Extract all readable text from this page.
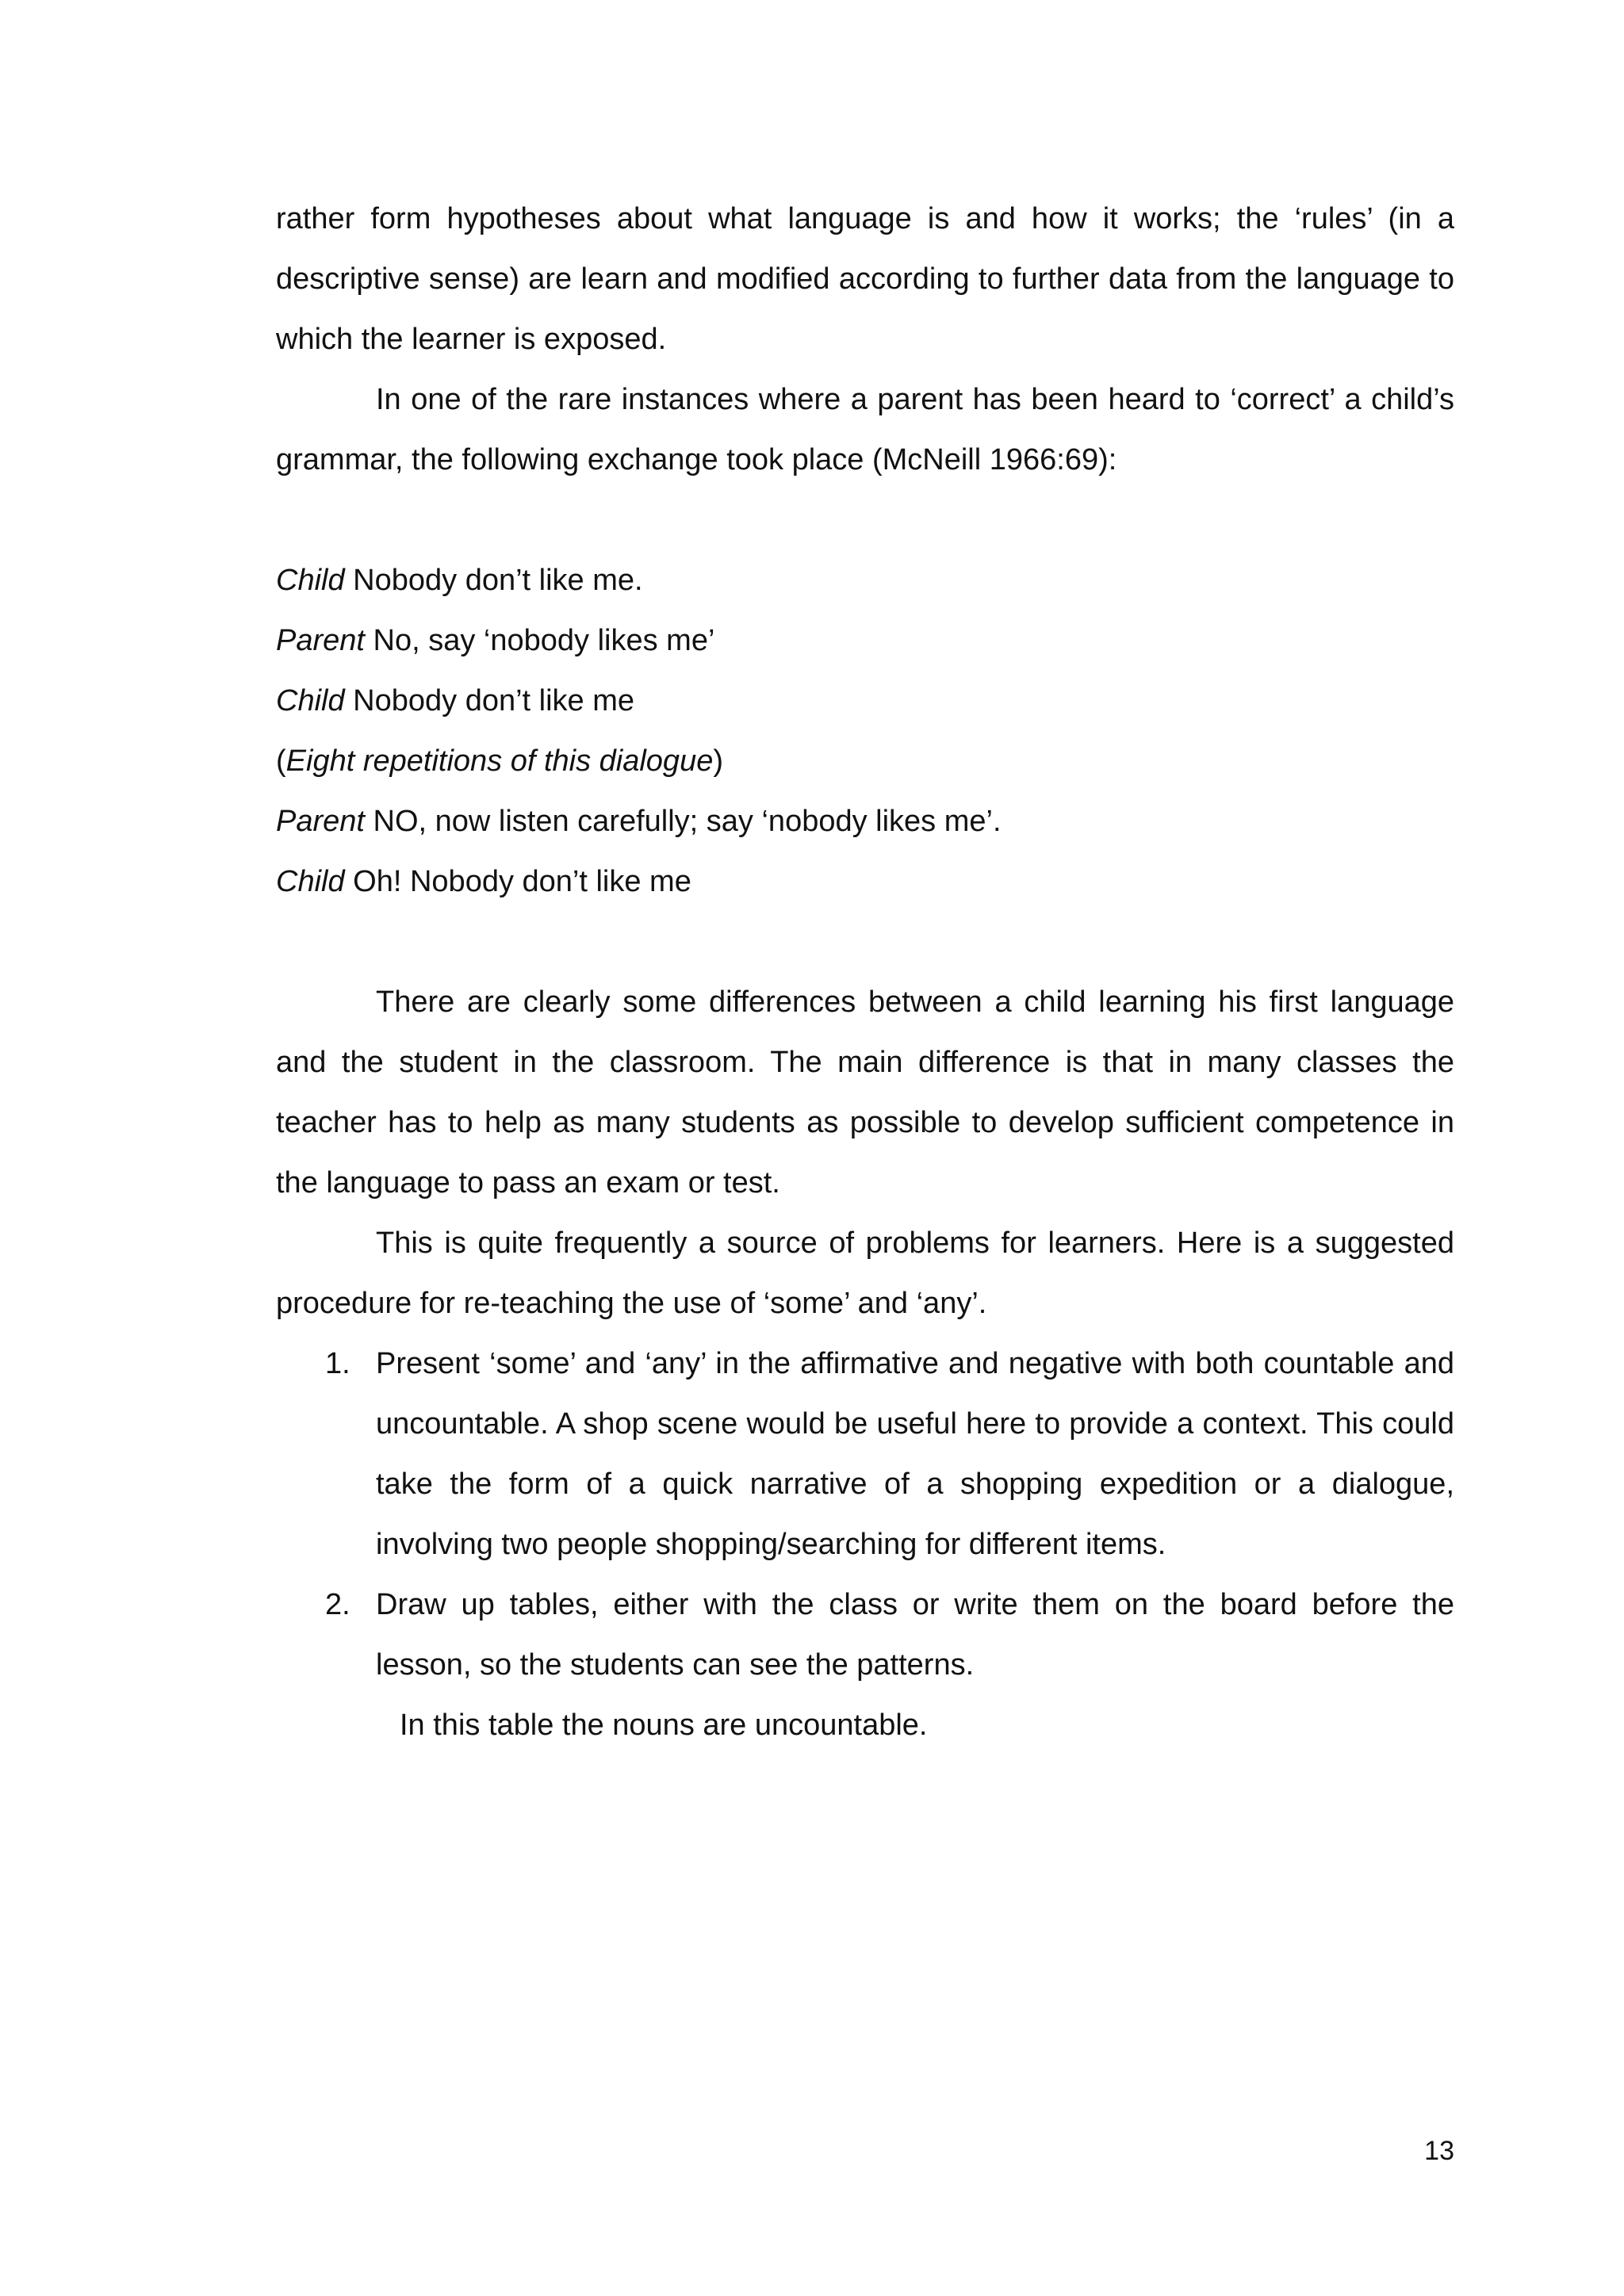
rather form hypotheses about what language is and how it works; the ‘rules’ (in a descriptive sense) are learn and modified according to further data from the language to which the learner is exposed.

In one of the rare instances where a parent has been heard to ‘correct’ a child’s grammar, the following exchange took place (McNeill 1966:69):

Child Nobody don’t like me.
Parent No, say ‘nobody likes me’
Child Nobody don’t like me
(Eight repetitions of this dialogue)
Parent NO, now listen carefully; say ‘nobody likes me’.
Child Oh! Nobody don’t like me

There are clearly some differences between a child learning his first language and the student in the classroom. The main difference is that in many classes the teacher has to help as many students as possible to develop sufficient competence in the language to pass an exam or test.

This is quite frequently a source of problems for learners. Here is a suggested procedure for re-teaching the use of ‘some’ and ‘any’.

1. Present ‘some’ and ‘any’ in the affirmative and negative with both countable and uncountable. A shop scene would be useful here to provide a context. This could take the form of a quick narrative of a shopping expedition or a dialogue, involving two people shopping/searching for different items.
2. Draw up tables, either with the class or write them on the board before the lesson, so the students can see the patterns.

In this table the nouns are uncountable.

13
